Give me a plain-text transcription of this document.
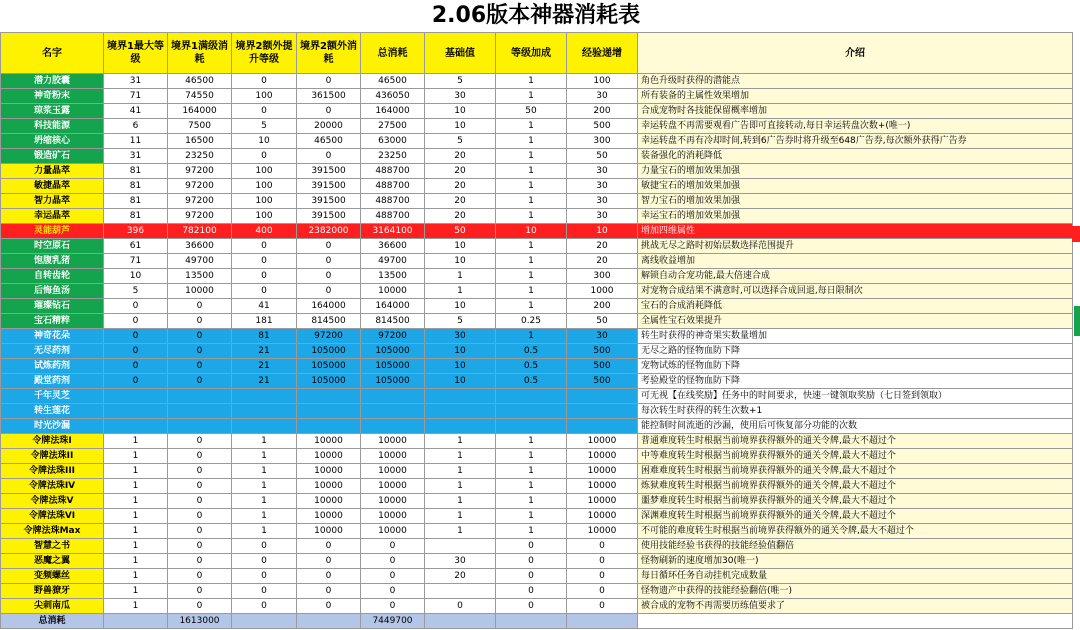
2.06版本神器消耗表
名字	境界1最大等级	境界1满级消耗	境界2额外提升等级	境界2额外消耗	总消耗	基础值	等级加成	经验递增	介绍
潜力胶囊	31	46500	0	0	46500	5	1	100	角色升级时获得的潜能点
神奇粉末	71	74550	100	361500	436050	30	1	30	所有装备的主属性效果增加
琼浆玉露	41	164000	0	0	164000	10	50	200	合成宠物时各技能保留概率增加
科技能源	6	7500	5	20000	27500	10	1	500	幸运转盘不再需要观看广告即可直接转动,每日幸运转盘次数+(唯一)
坍缩核心	11	16500	10	46500	63000	5	1	300	幸运转盘不再有冷却时间,转到6广告券时将升级至648广告券,每次额外获得广告券
锻造矿石	31	23250	0	0	23250	20	1	50	装备强化的消耗降低
力量晶萃	81	97200	100	391500	488700	20	1	30	力量宝石的增加效果加强
敏捷晶萃	81	97200	100	391500	488700	20	1	30	敏捷宝石的增加效果加强
智力晶萃	81	97200	100	391500	488700	20	1	30	智力宝石的增加效果加强
幸运晶萃	81	97200	100	391500	488700	20	1	30	幸运宝石的增加效果加强
灵能葫芦	396	782100	400	2382000	3164100	50	10	10	增加四维属性
时空原石	61	36600	0	0	36600	10	1	20	挑战无尽之路时初始层数选择范围提升
饱腹乳猪	71	49700	0	0	49700	10	1	20	离线收益增加
自转齿轮	10	13500	0	0	13500	1	1	300	解锁自动合宠功能,最大倍速合成
后悔鱼汤	5	10000	0	0	10000	1	1	1000	对宠物合成结果不满意时,可以选择合成回退,每日限制次
璀璨钻石	0	0	41	164000	164000	10	1	200	宝石的合成消耗降低
宝石精粹	0	0	181	814500	814500	5	0.25	50	全属性宝石效果提升
神奇花朵	0	0	81	97200	97200	30	1	30	转生时获得的神奇果实数量增加
无尽药剂	0	0	21	105000	105000	10	0.5	500	无尽之路的怪物血防下降
试炼药剂	0	0	21	105000	105000	10	0.5	500	宠物试炼的怪物血防下降
殿堂药剂	0	0	21	105000	105000	10	0.5	500	考验殿堂的怪物血防下降
千年灵芝									可无视【在线奖励】任务中的时间要求，快速一键领取奖励（七日签到领取）
转生莲花									每次转生时获得的转生次数+1
时光沙漏									能控制时间流逝的沙漏，使用后可恢复部分功能的次数
令牌法珠I	1	0	1	10000	10000	1	1	10000	普通难度转生时根据当前境界获得额外的通关令牌,最大不超过个
令牌法珠II	1	0	1	10000	10000	1	1	10000	中等难度转生时根据当前境界获得额外的通关令牌,最大不超过个
令牌法珠III	1	0	1	10000	10000	1	1	10000	困难难度转生时根据当前境界获得额外的通关令牌,最大不超过个
令牌法珠IV	1	0	1	10000	10000	1	1	10000	炼狱难度转生时根据当前境界获得额外的通关令牌,最大不超过个
令牌法珠V	1	0	1	10000	10000	1	1	10000	噩梦难度转生时根据当前境界获得额外的通关令牌,最大不超过个
令牌法珠VI	1	0	1	10000	10000	1	1	10000	深渊难度转生时根据当前境界获得额外的通关令牌,最大不超过个
令牌法珠Max	1	0	1	10000	10000	1	1	10000	不可能的难度转生时根据当前境界获得额外的通关令牌,最大不超过个
智慧之书	1	0	0	0	0		0	0	使用技能经验书获得的技能经验值翻倍
恶魔之翼	1	0	0	0	0	30	0	0	怪物刷新的速度增加30(唯一)
变频螺丝	1	0	0	0	0	20	0	0	每日循环任务自动挂机完成数量
野兽獠牙	1	0	0	0	0		0	0	怪物遗产中获得的技能经验翻倍(唯一)
尖刺南瓜	1	0	0	0	0	0	0	0	被合成的宠物不再需要历练值要求了
总消耗		1613000			7449700				
